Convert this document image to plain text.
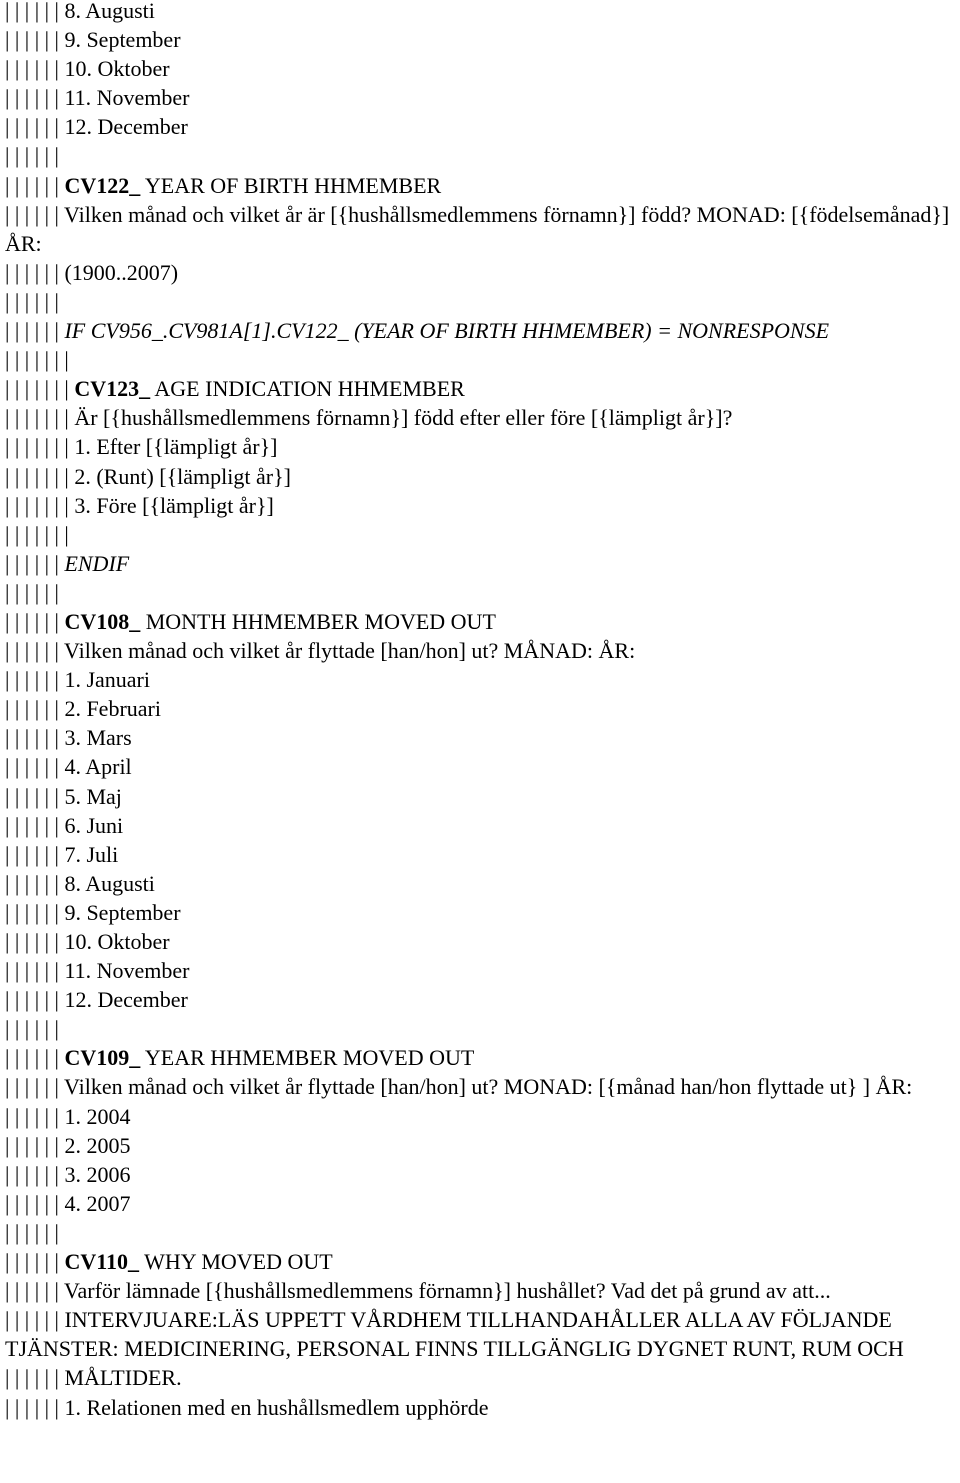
| | | | | | 8. Augusti
| | | | | | 9. September
| | | | | | 10. Oktober
| | | | | | 11. November
| | | | | | 12. December
| | | | | |
| | | | | | CV122_ YEAR OF BIRTH HHMEMBER
| | | | | | Vilken månad och vilket år är [{hushållsmedlemmens förnamn}] född? MONAD: [{födelsemånad}] ÅR:
| | | | | | (1900..2007)
| | | | | |
| | | | | | IF CV956_.CV981A[1].CV122_ (YEAR OF BIRTH HHMEMBER) = NONRESPONSE
| | | | | | |
| | | | | | | CV123_ AGE INDICATION HHMEMBER
| | | | | | | Är [{hushållsmedlemmens förnamn}] född efter eller före [{lämpligt år}]?
| | | | | | | 1. Efter [{lämpligt år}]
| | | | | | | 2. (Runt) [{lämpligt år}]
| | | | | | | 3. Före [{lämpligt år}]
| | | | | | |
| | | | | | ENDIF
| | | | | |
| | | | | | CV108_ MONTH HHMEMBER MOVED OUT
| | | | | | Vilken månad och vilket år flyttade [han/hon] ut? MÅNAD: ÅR:
| | | | | | 1. Januari
| | | | | | 2. Februari
| | | | | | 3. Mars
| | | | | | 4. April
| | | | | | 5. Maj
| | | | | | 6. Juni
| | | | | | 7. Juli
| | | | | | 8. Augusti
| | | | | | 9. September
| | | | | | 10. Oktober
| | | | | | 11. November
| | | | | | 12. December
| | | | | |
| | | | | | CV109_ YEAR HHMEMBER MOVED OUT
| | | | | | Vilken månad och vilket år flyttade [han/hon] ut? MONAD: [{månad han/hon flyttade ut} ] ÅR:
| | | | | | 1. 2004
| | | | | | 2. 2005
| | | | | | 3. 2006
| | | | | | 4. 2007
| | | | | |
| | | | | | CV110_ WHY MOVED OUT
| | | | | | Varför lämnade [{hushållsmedlemmens förnamn}] hushållet? Vad det på grund av att...
| | | | | | INTERVJUARE:LÄS UPPETT VÅRDHEM TILLHANDAHÅLLER ALLA AV FÖLJANDE TJÄNSTER: MEDICINERING, PERSONAL FINNS TILLGÄNGLIG DYGNET RUNT, RUM OCH
| | | | | | MÅLTIDER.
| | | | | | 1. Relationen med en hushållsmedlem upphörde
